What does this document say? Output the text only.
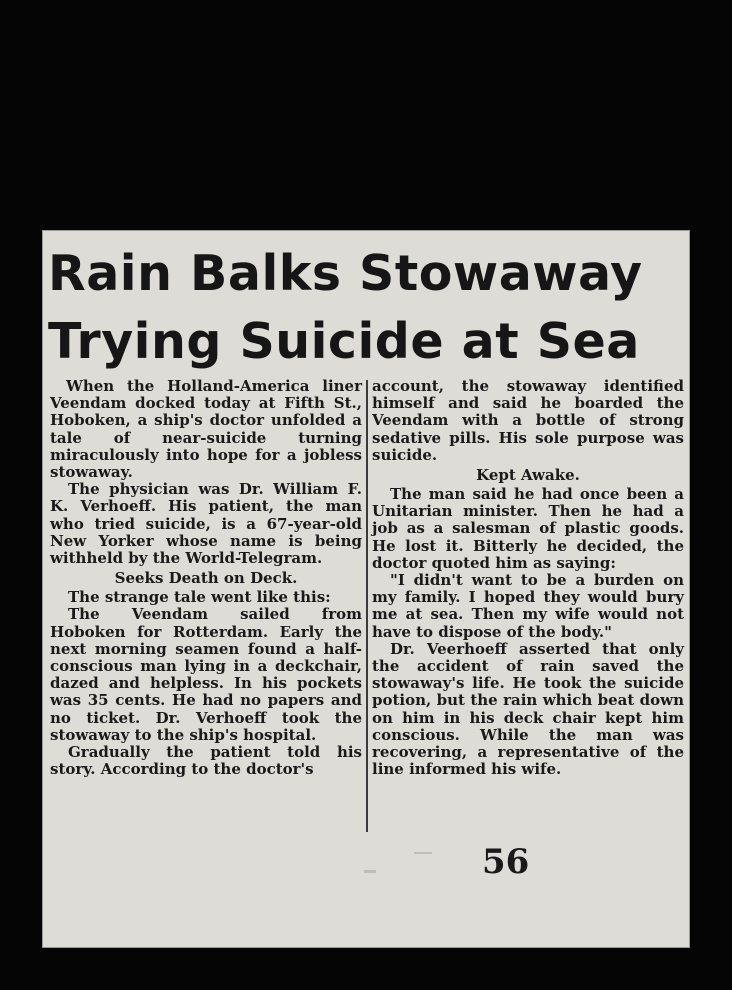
Rain Balks Stowaway
Trying Suicide at Sea

When the Holland-America liner Veendam docked today at Fifth St., Hoboken, a ship's doctor unfolded a tale of near-suicide turning miraculously into hope for a jobless stowaway.

The physician was Dr. William F. K. Verhoeff. His patient, the man who tried suicide, is a 67-year-old New Yorker whose name is being withheld by the World-Telegram.

Seeks Death on Deck.

The strange tale went like this:

The Veendam sailed from Hoboken for Rotterdam. Early the next morning seamen found a half-conscious man lying in a deckchair, dazed and helpless. In his pockets was 35 cents. He had no papers and no ticket. Dr. Verhoeff took the stowaway to the ship's hospital.

Gradually the patient told his story. According to the doctor's

account, the stowaway identified himself and said he boarded the Veendam with a bottle of strong sedative pills. His sole purpose was suicide.

Kept Awake.

The man said he had once been a Unitarian minister. Then he had a job as a salesman of plastic goods. He lost it. Bitterly he decided, the doctor quoted him as saying:

"I didn't want to be a burden on my family. I hoped they would bury me at sea. Then my wife would not have to dispose of the body."

Dr. Veerhoeff asserted that only the accident of rain saved the stowaway's life. He took the suicide potion, but the rain which beat down on him in his deck chair kept him conscious. While the man was recovering, a representative of the line informed his wife.

56
